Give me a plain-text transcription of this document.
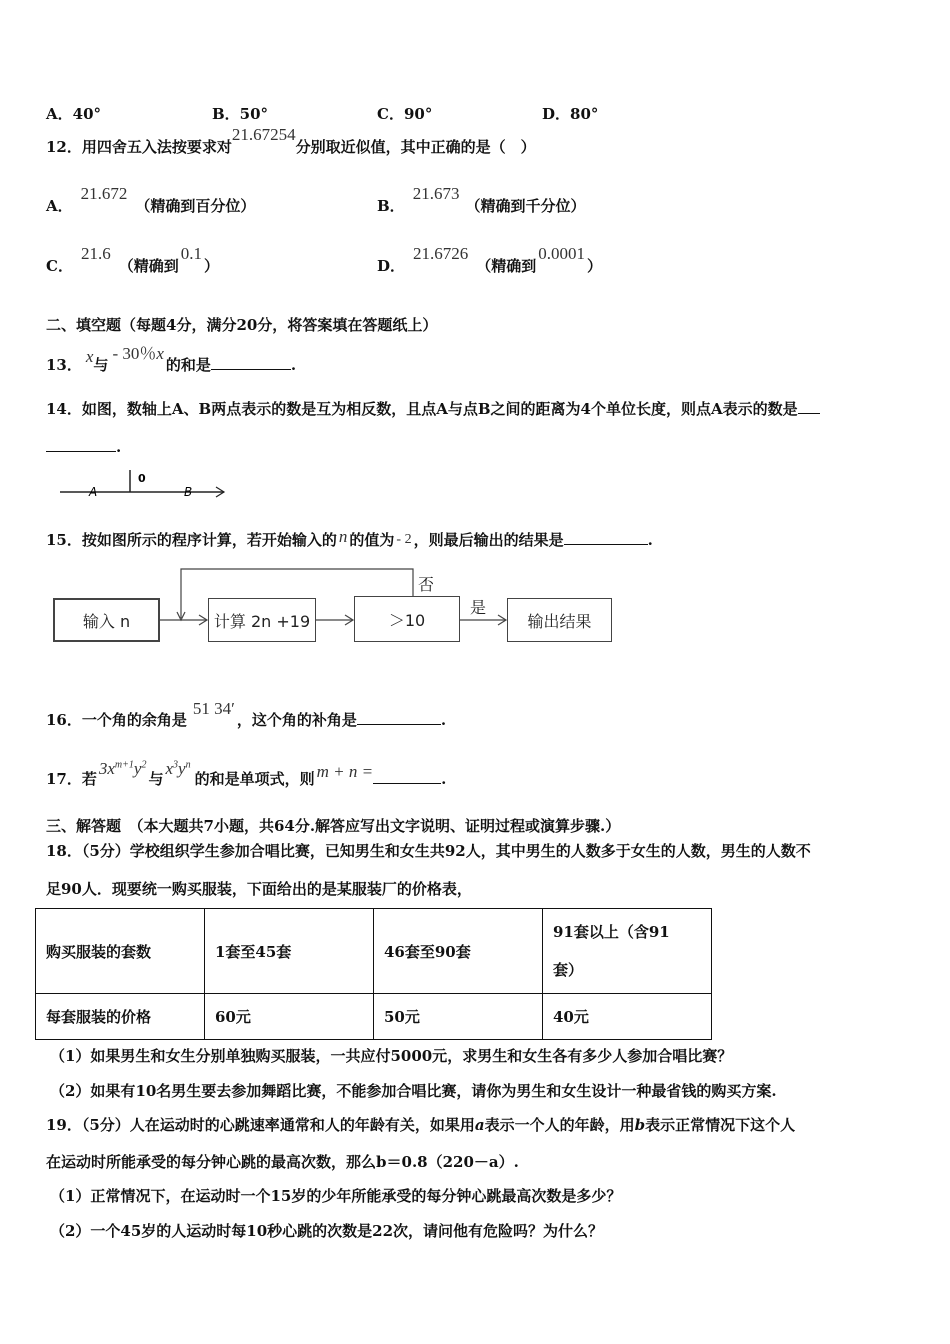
A．40°	B．50°	C．90°	D．80°
12．用四舍五入法按要求对21.67254分别取近似值，其中正确的是（　）
A．21.672（精确到百分位）	B．21.673（精确到千分位）
C．21.6（精确到0.1）	D．21.6726（精确到0.0001）
二、填空题（每题4分，满分20分，将答案填在答题纸上）
13． x与- 30％x的和是	.
14．如图，数轴上A、B两点表示的数是互为相反数，且点A与点B之间的距离为4个单位长度，则点A表示的数是
.
0
A	B
15．按如图所示的程序计算，若开始输入的 n 的值为 - 2 ，则最后输出的结果是	.
输入 n	计算 2n +19	＞10	输出结果
否
是
16．一个角的余角是51 34′，这个角的补角是	.
17．若$3x^{m+1}y^2$与$x^3y^n$的和是单项式，则 m + n =	.
三、解答题　（本大题共7小题，共64分.解答应写出文字说明、证明过程或演算步骤.）
18．（5分）学校组织学生参加合唱比赛，已知男生和女生共92人，其中男生的人数多于女生的人数，男生的人数不
足90人．现要统一购买服装，下面给出的是某服装厂的价格表，
购买服装的套数	1套至45套	46套至90套	91套以上（含91
套）
每套服装的价格	60元	50元	40元
（1）如果男生和女生分别单独购买服装，一共应付5000元，求男生和女生各有多少人参加合唱比赛？
（2）如果有10名男生要去参加舞蹈比赛，不能参加合唱比赛，请你为男生和女生设计一种最省钱的购买方案.
19．（5分）人在运动时的心跳速率通常和人的年龄有关，如果用a表示一个人的年龄，用b表示正常情况下这个人
在运动时所能承受的每分钟心跳的最高次数，那么b＝0.8（220－a）.
（1）正常情况下，在运动时一个15岁的少年所能承受的每分钟心跳最高次数是多少？
（2）一个45岁的人运动时每10秒心跳的次数是22次，请问他有危险吗？为什么？
